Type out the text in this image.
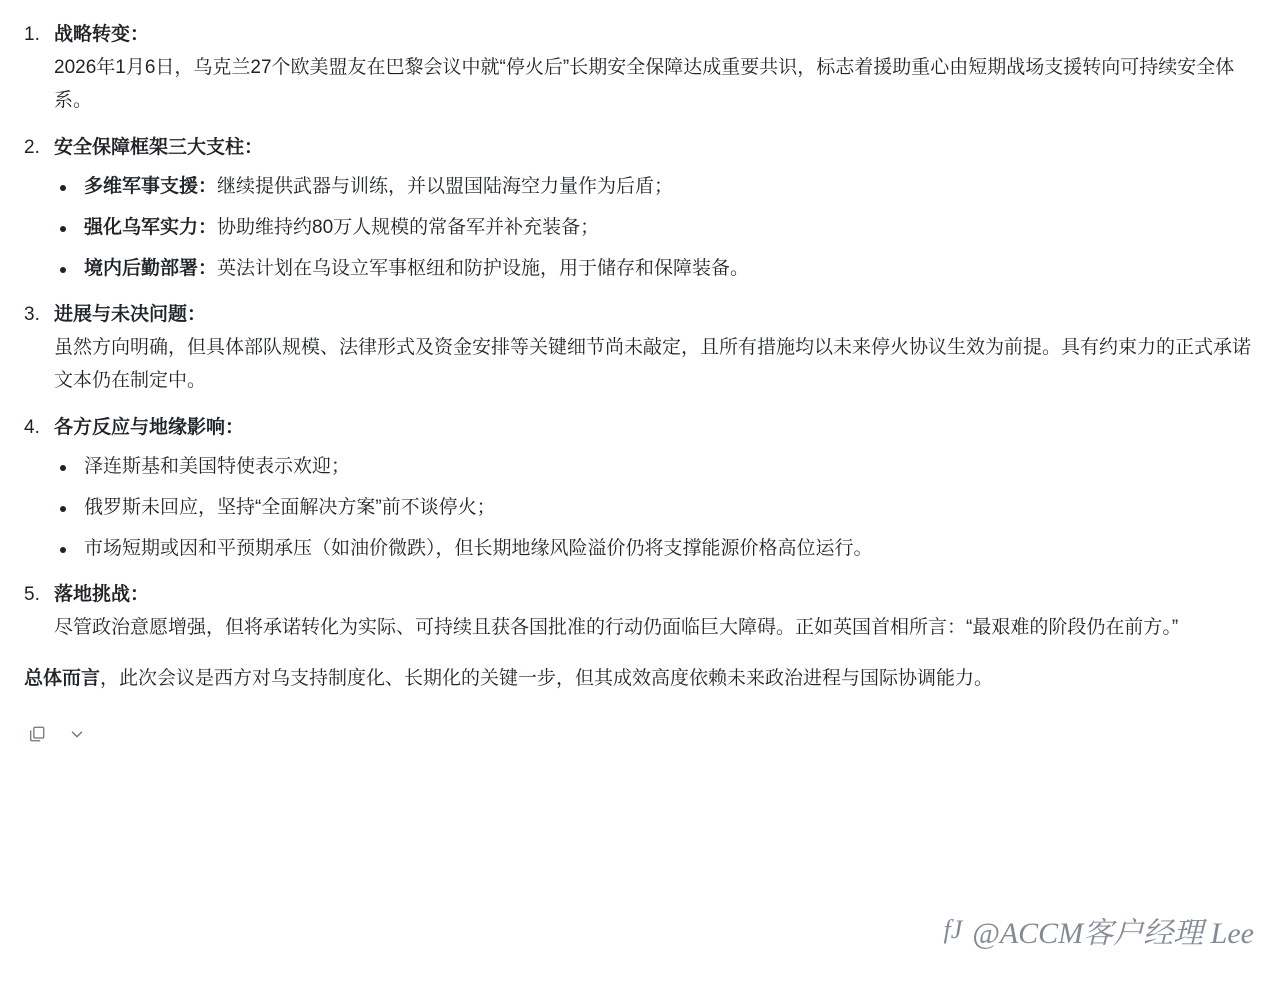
战略转变：

2026年1月6日，乌克兰27个欧美盟友在巴黎会议中就“停火后”长期安全保障达成重要共识，标志着援助重心由短期战场支援转向可持续安全体系。

安全保障框架三大支柱：
多维军事支援：继续提供武器与训练，并以盟国陆海空力量作为后盾；
强化乌军实力：协助维持约80万人规模的常备军并补充装备；
境内后勤部署：英法计划在乌设立军事枢纽和防护设施，用于储存和保障装备。
进展与未决问题：

虽然方向明确，但具体部队规模、法律形式及资金安排等关键细节尚未敲定，且所有措施均以未来停火协议生效为前提。具有约束力的正式承诺文本仍在制定中。

各方反应与地缘影响：
泽连斯基和美国特使表示欢迎；
俄罗斯未回应，坚持“全面解决方案”前不谈停火；
市场短期或因和平预期承压（如油价微跌），但长期地缘风险溢价仍将支撑能源价格高位运行。
落地挑战：

尽管政治意愿增强，但将承诺转化为实际、可持续且获各国批准的行动仍面临巨大障碍。正如英国首相所言：“最艰难的阶段仍在前方。”

总体而言，此次会议是西方对乌支持制度化、长期化的关键一步，但其成效高度依赖未来政治进程与国际协调能力。

fJ @ACCM客户经理 Lee
